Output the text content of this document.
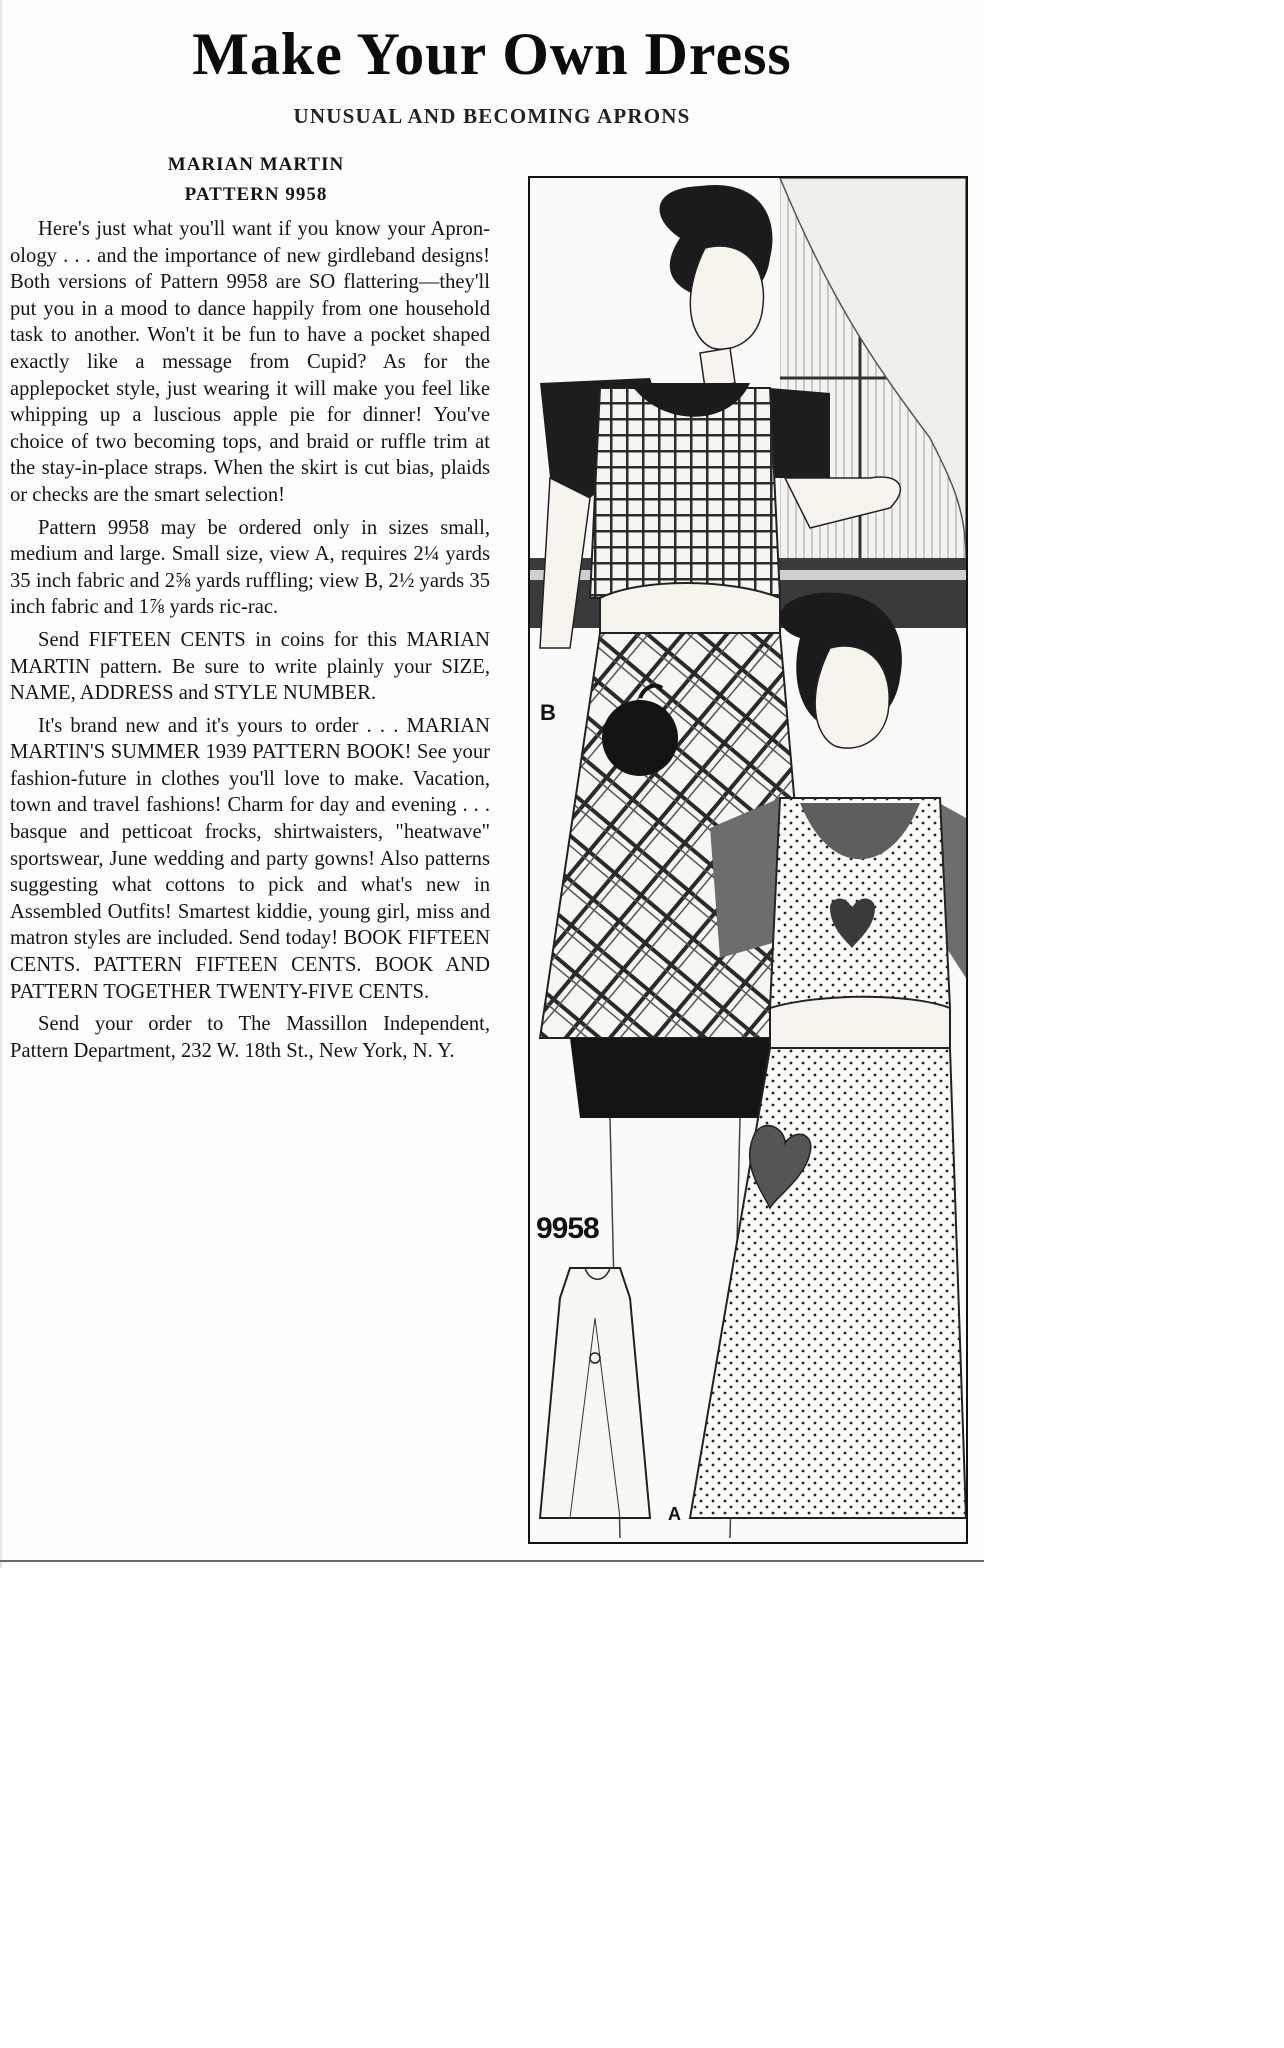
Make Your Own Dress
UNUSUAL AND BECOMING APRONS
MARIAN MARTIN
PATTERN 9958

Here's just what you'll want if you know your Apron-ology . . . and the importance of new girdleband designs! Both versions of Pattern 9958 are SO flattering—they'll put you in a mood to dance happily from one household task to another. Won't it be fun to have a pocket shaped exactly like a message from Cupid? As for the applepocket style, just wearing it will make you feel like whipping up a luscious apple pie for dinner! You've choice of two becoming tops, and braid or ruffle trim at the stay-in-place straps. When the skirt is cut bias, plaids or checks are the smart selection!

Pattern 9958 may be ordered only in sizes small, medium and large. Small size, view A, requires 2¼ yards 35 inch fabric and 2⅝ yards ruffling; view B, 2½ yards 35 inch fabric and 1⅞ yards ric-rac.

Send FIFTEEN CENTS in coins for this MARIAN MARTIN pattern. Be sure to write plainly your SIZE, NAME, ADDRESS and STYLE NUMBER.

It's brand new and it's yours to order . . . MARIAN MARTIN'S SUMMER 1939 PATTERN BOOK! See your fashion-future in clothes you'll love to make. Vacation, town and travel fashions! Charm for day and evening . . . basque and petticoat frocks, shirtwaisters, "heatwave" sportswear, June wedding and party gowns! Also patterns suggesting what cottons to pick and what's new in Assembled Outfits! Smartest kiddie, young girl, miss and matron styles are included. Send today! BOOK FIFTEEN CENTS. PATTERN FIFTEEN CENTS. BOOK AND PATTERN TOGETHER TWENTY-FIVE CENTS.

Send your order to The Massillon Independent, Pattern Department, 232 W. 18th St., New York, N. Y.

9958
B
A
